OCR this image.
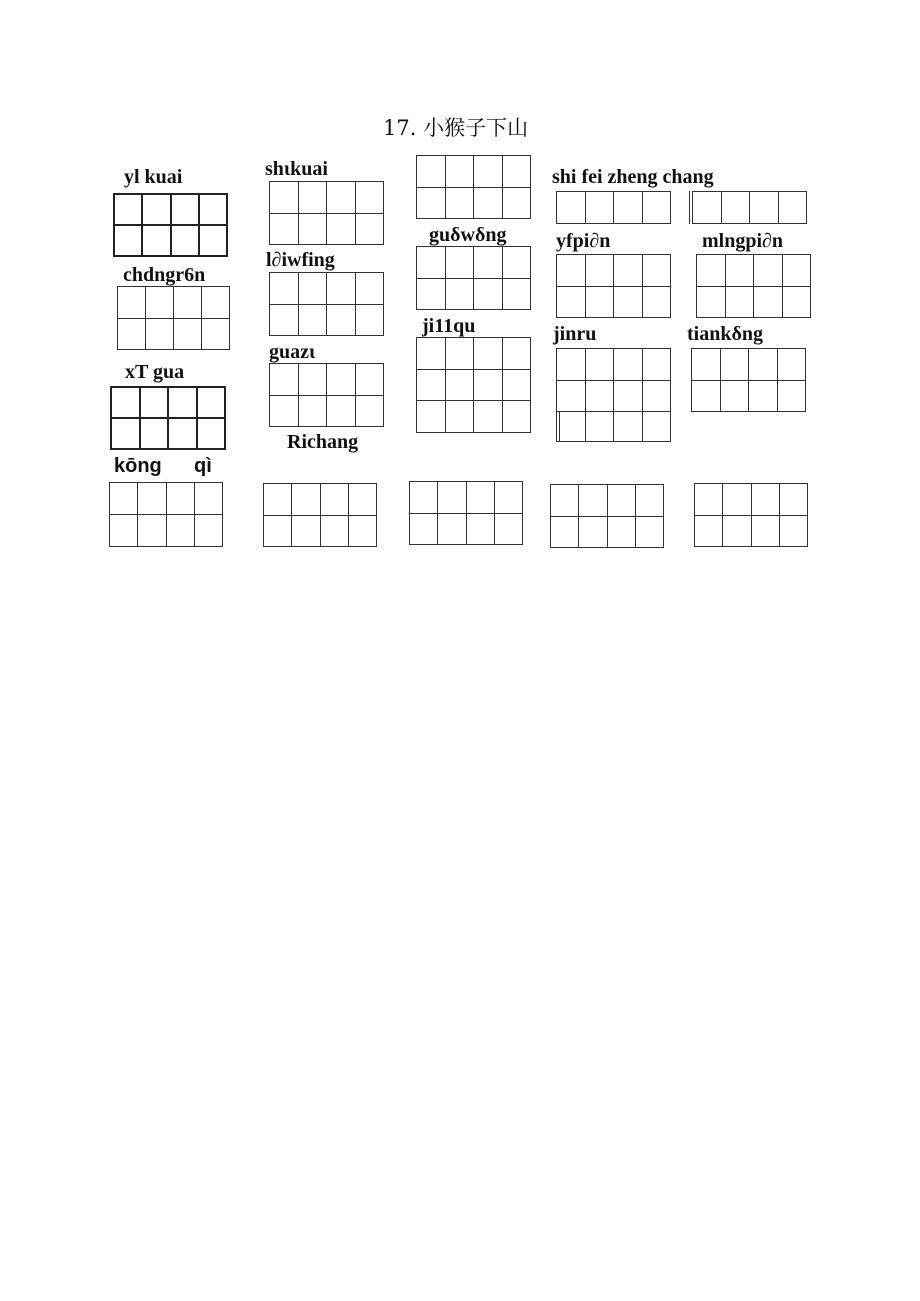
17. 小猴子下山
yl kuai
chdngr6n
xT gua
shιkuai
l∂iwfing
guazι
Richang
guδwδng
ji11qu
shi fei zheng chang
yfpi∂n	mlngpi∂n
jinru	tiankδng
kōng qì
